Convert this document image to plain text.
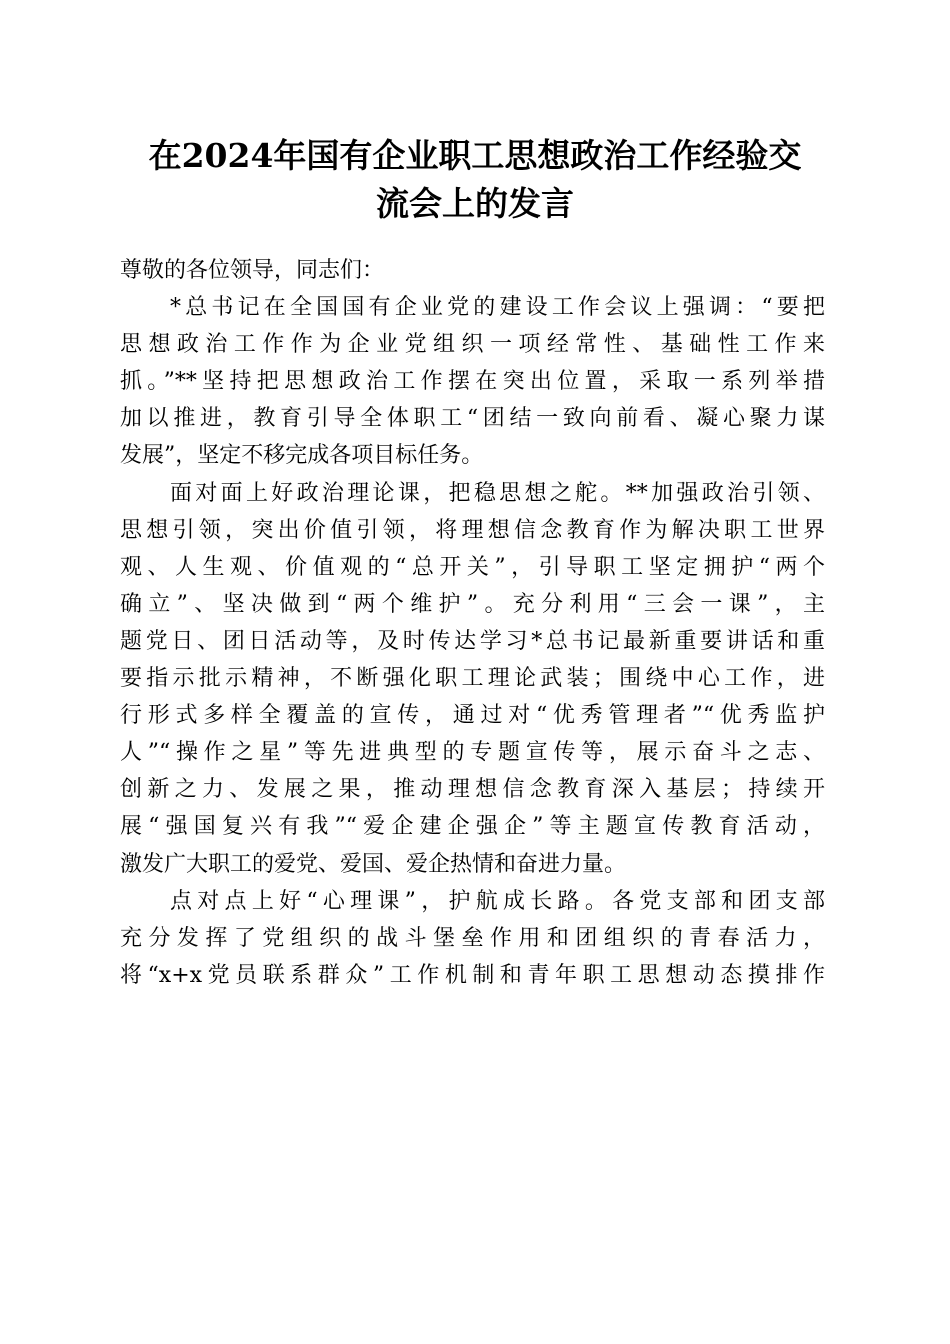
在2024年国有企业职工思想政治工作经验交
流会上的发言
尊敬的各位领导，同志们：
*总书记在全国国有企业党的建设工作会议上强调：“要把
思想政治工作作为企业党组织一项经常性、基础性工作来
抓。”**坚持把思想政治工作摆在突出位置，采取一系列举措
加以推进，教育引导全体职工“团结一致向前看、凝心聚力谋
发展”，坚定不移完成各项目标任务。
面对面上好政治理论课，把稳思想之舵。**加强政治引领、
思想引领，突出价值引领，将理想信念教育作为解决职工世界
观、人生观、价值观的“总开关”，引导职工坚定拥护“两个
确立”、坚决做到“两个维护”。充分利用“三会一课”，主
题党日、团日活动等，及时传达学习*总书记最新重要讲话和重
要指示批示精神，不断强化职工理论武装；围绕中心工作，进
行形式多样全覆盖的宣传，通过对“优秀管理者”“优秀监护
人”“操作之星”等先进典型的专题宣传等，展示奋斗之志、
创新之力、发展之果，推动理想信念教育深入基层；持续开
展“强国复兴有我”“爱企建企强企”等主题宣传教育活动，
激发广大职工的爱党、爱国、爱企热情和奋进力量。
点对点上好“心理课”，护航成长路。各党支部和团支部
充分发挥了党组织的战斗堡垒作用和团组织的青春活力，
将“x+x党员联系群众”工作机制和青年职工思想动态摸排作
